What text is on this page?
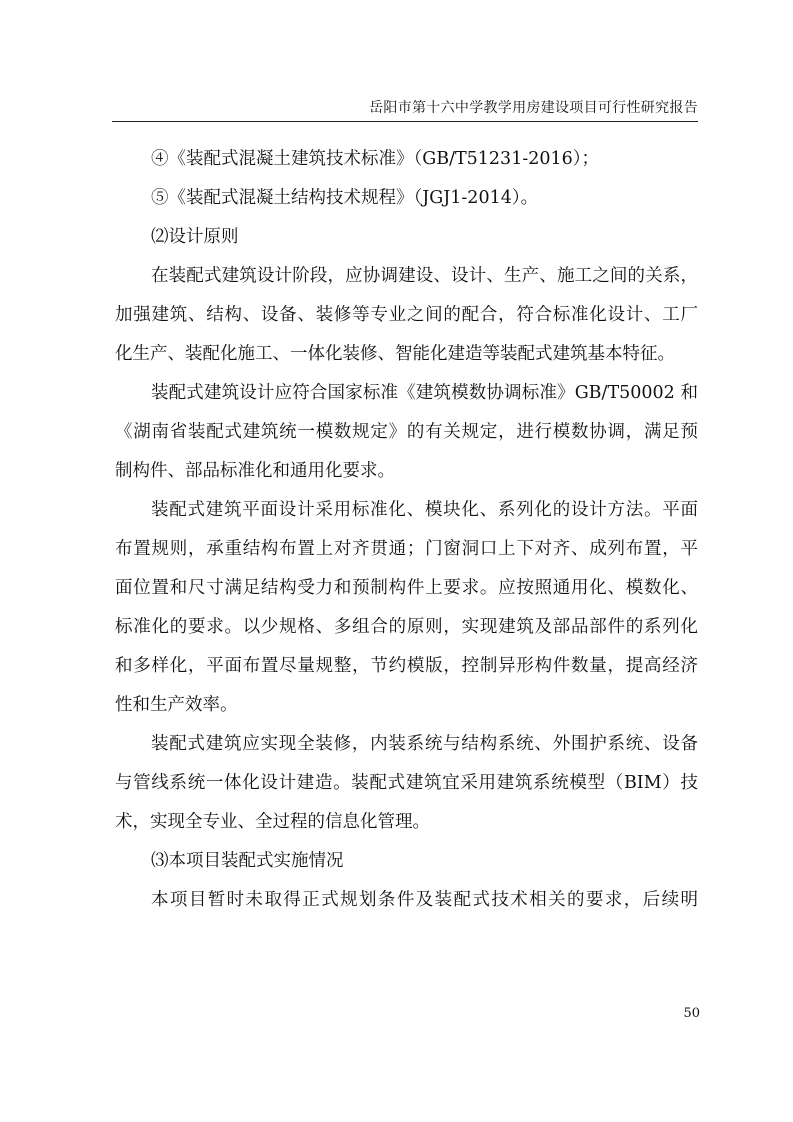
岳阳市第十六中学教学用房建设项目可行性研究报告

④《装配式混凝土建筑技术标准》（GB/T51231-2016）；

⑤《装配式混凝土结构技术规程》（JGJ1-2014）。

⑵设计原则

在装配式建筑设计阶段，应协调建设、设计、生产、施工之间的关系，

加强建筑、结构、设备、装修等专业之间的配合，符合标准化设计、工厂

化生产、装配化施工、一体化装修、智能化建造等装配式建筑基本特征。

装配式建筑设计应符合国家标准《建筑模数协调标准》GB/T50002 和

《湖南省装配式建筑统一模数规定》的有关规定，进行模数协调，满足预

制构件、部品标准化和通用化要求。

装配式建筑平面设计采用标准化、模块化、系列化的设计方法。平面

布置规则，承重结构布置上对齐贯通；门窗洞口上下对齐、成列布置，平

面位置和尺寸满足结构受力和预制构件上要求。应按照通用化、模数化、

标准化的要求。以少规格、多组合的原则，实现建筑及部品部件的系列化

和多样化，平面布置尽量规整，节约模版，控制异形构件数量，提高经济

性和生产效率。

装配式建筑应实现全装修，内装系统与结构系统、外围护系统、设备

与管线系统一体化设计建造。装配式建筑宜采用建筑系统模型（BIM）技

术，实现全专业、全过程的信息化管理。

⑶本项目装配式实施情况

本项目暂时未取得正式规划条件及装配式技术相关的要求，后续明

50
